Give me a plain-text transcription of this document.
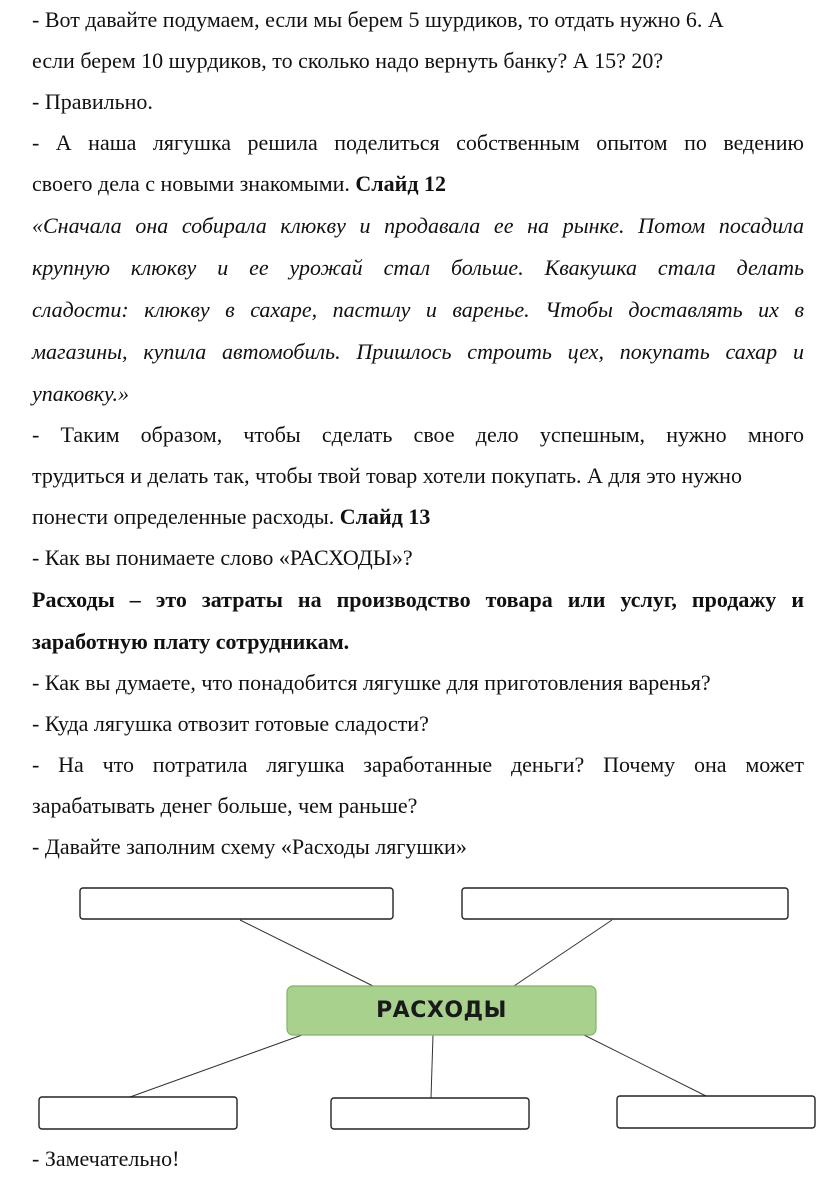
- Вот давайте подумаем, если мы берем 5 шурдиков, то отдать нужно 6. А
если берем 10 шурдиков, то сколько надо вернуть банку? А 15? 20?
- Правильно.
- А наша лягушка решила поделиться собственным опытом по ведению
своего дела с новыми знакомыми. Слайд 12
«Сначала она собирала клюкву и продавала ее на рынке. Потом посадила
крупную клюкву и ее урожай стал больше. Квакушка стала делать
сладости: клюкву в сахаре, пастилу и варенье. Чтобы доставлять их в
магазины, купила автомобиль. Пришлось строить цех, покупать сахар и
упаковку.»
- Таким образом, чтобы сделать свое дело успешным, нужно много
трудиться и делать так, чтобы твой товар хотели покупать. А для это нужно
понести определенные расходы. Слайд 13
- Как вы понимаете слово «РАСХОДЫ»?
Расходы – это затраты на производство товара или услуг, продажу и
заработную плату сотрудникам.
- Как вы думаете, что понадобится лягушке для приготовления варенья?
- Куда лягушка отвозит готовые сладости?
- На что потратила лягушка заработанные деньги? Почему она может
зарабатывать денег больше, чем раньше?
- Давайте заполним схему «Расходы лягушки»
РАСХОДЫ
- Замечательно!
